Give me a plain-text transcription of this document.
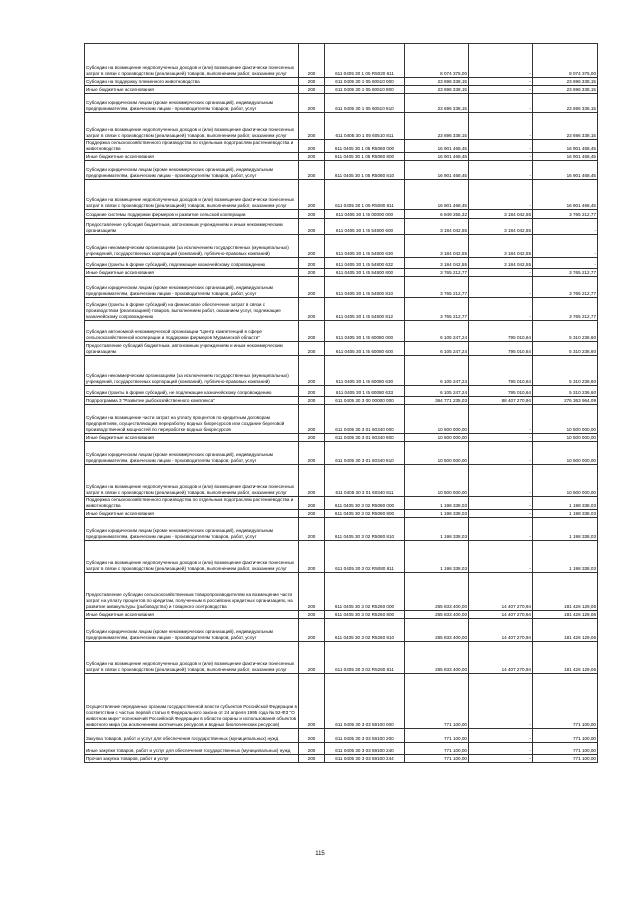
Субсидии на возмещение недополученных доходов и (или) возмещение фактически понесенных затрат в связи с производством (реализацией) товаров, выполнением работ, оказанием услуг	200	611 0405 30 1 05 R5020 611	8 074 375,00	-	8 074 375,00
Субсидии на поддержку племенного животноводства	200	611 0405 30 1 05 60510 000	23 696 338,15	-	23 696 338,15
Иные бюджетные ассигнования	200	611 0405 30 1 05 60510 800	23 696 338,15	-	23 696 338,15
Субсидии юридическим лицам (кроме некоммерческих организаций), индивидуальным предпринимателям, физическим лицам - производителям товаров, работ, услуг	200	611 0405 30 1 05 60510 810	23 696 338,15	-	23 696 338,15
Субсидии на возмещение недополученных доходов и (или) возмещение фактически понесенных затрат в связи с производством (реализацией) товаров, выполнением работ, оказанием услуг	200	611 0405 30 1 05 60510 811	23 696 338,15	-	23 696 338,15
Поддержка сельскохозяйственного производства по отдельным подотраслям растениеводства и животноводства	200	611 0405 30 1 05 R5080 000	16 901 468,45	-	16 901 468,45
Иные бюджетные ассигнования	200	611 0405 30 1 05 R5080 800	16 901 468,45	-	16 901 468,45
Субсидии юридическим лицам (кроме некоммерческих организаций), индивидуальным предпринимателям, физическим лицам - производителям товаров, работ, услуг	200	611 0405 30 1 05 R5080 810	16 901 468,45	-	16 901 468,45
Субсидии на возмещение недополученных доходов и (или) возмещение фактически понесенных затрат в связи с производством (реализацией) товаров, выполнением работ, оказанием услуг	200	611 0405 30 1 05 R5080 811	16 901 468,45	-	16 901 468,45
Создание системы поддержки фермеров и развитие сельской кооперации	200	611 0405 30 1 I5 00000 000	6 949 255,32	3 184 042,55	3 765 212,77
Предоставление субсидий бюджетным, автономным учреждениям и иным некоммерческим организациям	200	611 0405 30 1 I5 54800 600	3 184 042,55	3 184 042,55	-
Субсидии некоммерческим организациям (за исключением государственных (муниципальных) учреждений, государственных корпораций (компаний), публично-правовых компаний)	200	611 0405 30 1 I5 54800 630	3 184 042,55	3 184 042,55	-
Субсидии (гранты в форме субсидий), подлежащие казначейскому сопровождению	200	611 0405 30 1 I5 54800 632	3 184 042,55	3 184 042,55	-
Иные бюджетные ассигнования	200	611 0405 30 1 I5 54800 800	3 765 212,77	-	3 765 212,77
Субсидии юридическим лицам (кроме некоммерческих организаций), индивидуальным предпринимателям, физическим лицам - производителям товаров, работ, услуг	200	611 0405 30 1 I5 54800 810	3 765 212,77	-	3 765 212,77
Субсидии (гранты в форме субсидий) на финансовое обеспечение затрат в связи с производством (реализацией) товаров, выполнением работ, оказанием услуг, подлежащие казначейскому сопровождению	200	611 0405 30 1 I5 54800 812	3 765 212,77	-	3 765 212,77
Субсидия автономной некоммерческой организации "Центр компетенций в сфере сельскохозяйственной кооперации и поддержки фермеров Мурманской области"	200	611 0405 30 1 I5 60080 000	6 105 247,24	795 010,64	5 310 236,60
Предоставление субсидий бюджетным, автономным учреждениям и иным некоммерческим организациям	200	611 0405 30 1 I5 60080 600	6 105 247,24	795 010,64	5 310 236,60
Субсидии некоммерческим организациям (за исключением государственных (муниципальных) учреждений, государственных корпораций (компаний), публично-правовых компаний)	200	611 0405 30 1 I5 60080 630	6 105 247,24	795 010,64	5 310 236,60
Субсидии (гранты в форме субсидий), не подлежащие казначейскому сопровождению	200	611 0405 30 1 I5 60080 633	6 105 247,24	795 010,64	5 310 236,60
Подпрограмма 3 "Развитие рыбохозяйственного комплекса"	200	611 0405 30 3 00 00000 000	364 771 235,03	88 407 270,94	276 363 964,09
Субсидии на возмещение части затрат на уплату процентов по кредитным договорам предприятиям, осуществляющим переработку водных биоресурсов или создание береговой производственной мощностей по переработке водных биоресурсов	200	611 0405 30 3 01 60340 000	10 500 000,00	-	10 500 000,00
Иные бюджетные ассигнования	200	611 0405 30 3 01 60340 800	10 500 000,00	-	10 500 000,00
Субсидии юридическим лицам (кроме некоммерческих организаций), индивидуальным предпринимателям, физическим лицам - производителям товаров, работ, услуг	200	611 0405 30 3 01 60340 810	10 500 000,00	-	10 500 000,00
Субсидии на возмещение недополученных доходов и (или) возмещение фактически понесенных затрат в связи с производством (реализацией) товаров, выполнением работ, оказанием услуг	200	611 0405 30 3 01 60340 811	10 500 000,00	-	10 500 000,00
Поддержка сельскохозяйственного производства по отдельным подотраслям растениеводства и животноводства	200	611 0405 30 3 02 R5080 000	1 198 338,03	-	1 198 338,03
Иные бюджетные ассигнования	200	611 0405 30 3 02 R5080 800	1 198 338,03	-	1 198 338,03
Субсидии юридическим лицам (кроме некоммерческих организаций), индивидуальным предпринимателям, физическим лицам - производителям товаров, работ, услуг	200	611 0405 30 3 02 R5080 810	1 198 338,03	-	1 198 338,03
Субсидии на возмещение недополученных доходов и (или) возмещение фактически понесенных затрат в связи с производством (реализацией) товаров, выполнением работ, оказанием услуг	200	611 0405 30 3 02 R5080 811	1 198 338,03	-	1 198 338,03
Предоставление субсидии сельскохозяйственным товаропроизводителям на возмещение части затрат на уплату процентов по кредитам, полученным в российских кредитных организациях, на развитие аквакультуры (рыбоводство) и товарного осетроводства	200	611 0405 30 3 02 R5260 000	265 833 400,00	14 407 270,94	181 426 129,06
Иные бюджетные ассигнования	200	611 0405 30 3 02 R5260 800	265 833 400,00	14 407 270,94	181 426 129,06
Субсидии юридическим лицам (кроме некоммерческих организаций), индивидуальным предпринимателям, физическим лицам - производителям товаров, работ, услуг	200	611 0405 30 3 02 R5260 810	265 833 400,00	14 407 270,94	181 426 129,06
Субсидии на возмещение недополученных доходов и (или) возмещение фактически понесенных затрат в связи с производством (реализацией) товаров, выполнением работ, оказанием услуг	200	611 0405 30 3 02 R5260 811	265 833 400,00	14 407 270,94	181 426 129,06
Осуществление переданных органам государственной власти субъектов Российской Федерации в соответствии с частью первой статьи 6 Федерального закона от 24 апреля 1995 года № 52-ФЗ "О животном мире" полномочий Российской Федерации в области охраны и использования объектов животного мира (за исключением охотничьих ресурсов и водных биологических ресурсов)	200	611 0405 30 3 03 59100 000	771 100,00	-	771 100,00
Закупка товаров, работ и услуг для обеспечения государственных (муниципальных) нужд	200	611 0405 30 3 03 59100 200	771 100,00	-	771 100,00
Иные закупки товаров, работ и услуг для обеспечения государственных (муниципальных) нужд	200	611 0405 30 3 03 59100 240	771 100,00	-	771 100,00
Прочая закупка товаров, работ и услуг	200	611 0405 30 3 03 59100 244	771 100,00	-	771 100,00
115
